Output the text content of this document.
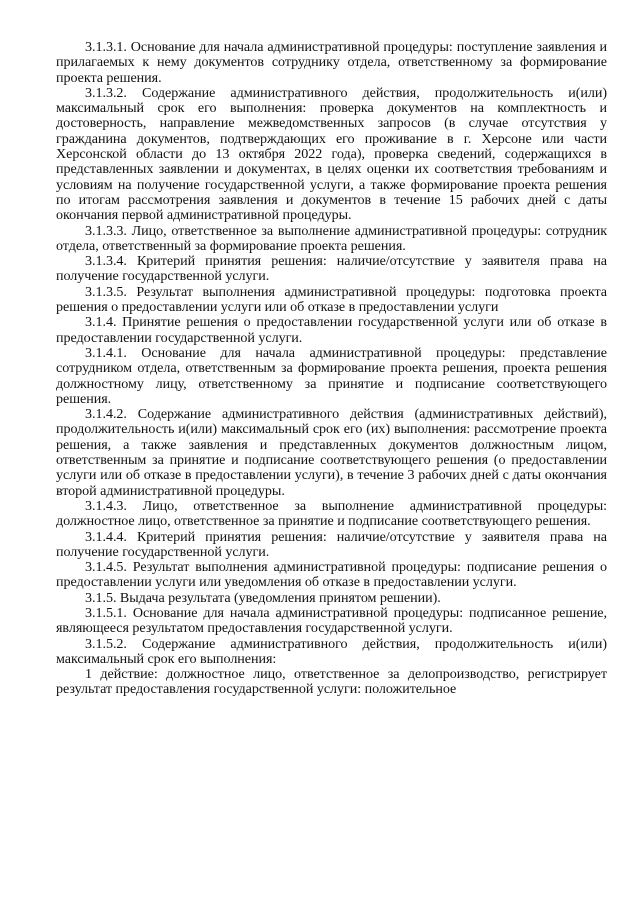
3.1.3.1. Основание для начала административной процедуры: поступление заявления и прилагаемых к нему документов сотруднику отдела, ответственному за формирование проекта решения.

3.1.3.2. Содержание административного действия, продолжительность и(или) максимальный срок его выполнения: проверка документов на комплектность и достоверность, направление межведомственных запросов (в случае отсутствия у гражданина документов, подтверждающих его проживание в г. Херсоне или части Херсонской области до 13 октября 2022 года), проверка сведений, содержащихся в представленных заявлении и документах, в целях оценки их соответствия требованиям и условиям на получение государственной услуги, а также формирование проекта решения по итогам рассмотрения заявления и документов в течение 15 рабочих дней с даты окончания первой административной процедуры.

3.1.3.3. Лицо, ответственное за выполнение административной процедуры: сотрудник отдела, ответственный за формирование проекта решения.

3.1.3.4. Критерий принятия решения: наличие/отсутствие у заявителя права на получение государственной услуги.

3.1.3.5. Результат выполнения административной процедуры: подготовка проекта решения о предоставлении услуги или об отказе в предоставлении услуги

3.1.4. Принятие решения о предоставлении государственной услуги или об отказе в предоставлении государственной услуги.

3.1.4.1. Основание для начала административной процедуры: представление сотрудником отдела, ответственным за формирование проекта решения, проекта решения должностному лицу, ответственному за принятие и подписание соответствующего решения.

3.1.4.2. Содержание административного действия (административных действий), продолжительность и(или) максимальный срок его (их) выполнения: рассмотрение проекта решения, а также заявления и представленных документов должностным лицом, ответственным за принятие и подписание соответствующего решения (о предоставлении услуги или об отказе в предоставлении услуги), в течение 3 рабочих дней с даты окончания второй административной процедуры.

3.1.4.3. Лицо, ответственное за выполнение административной процедуры: должностное лицо, ответственное за принятие и подписание соответствующего решения.

3.1.4.4. Критерий принятия решения: наличие/отсутствие у заявителя права на получение государственной услуги.

3.1.4.5. Результат выполнения административной процедуры: подписание решения о предоставлении услуги или уведомления об отказе в предоставлении услуги.

3.1.5. Выдача результата (уведомления принятом решении).

3.1.5.1. Основание для начала административной процедуры: подписанное решение, являющееся результатом предоставления государственной услуги.

3.1.5.2. Содержание административного действия, продолжительность и(или) максимальный срок его выполнения:

1 действие: должностное лицо, ответственное за делопроизводство, регистрирует результат предоставления государственной услуги: положительное
